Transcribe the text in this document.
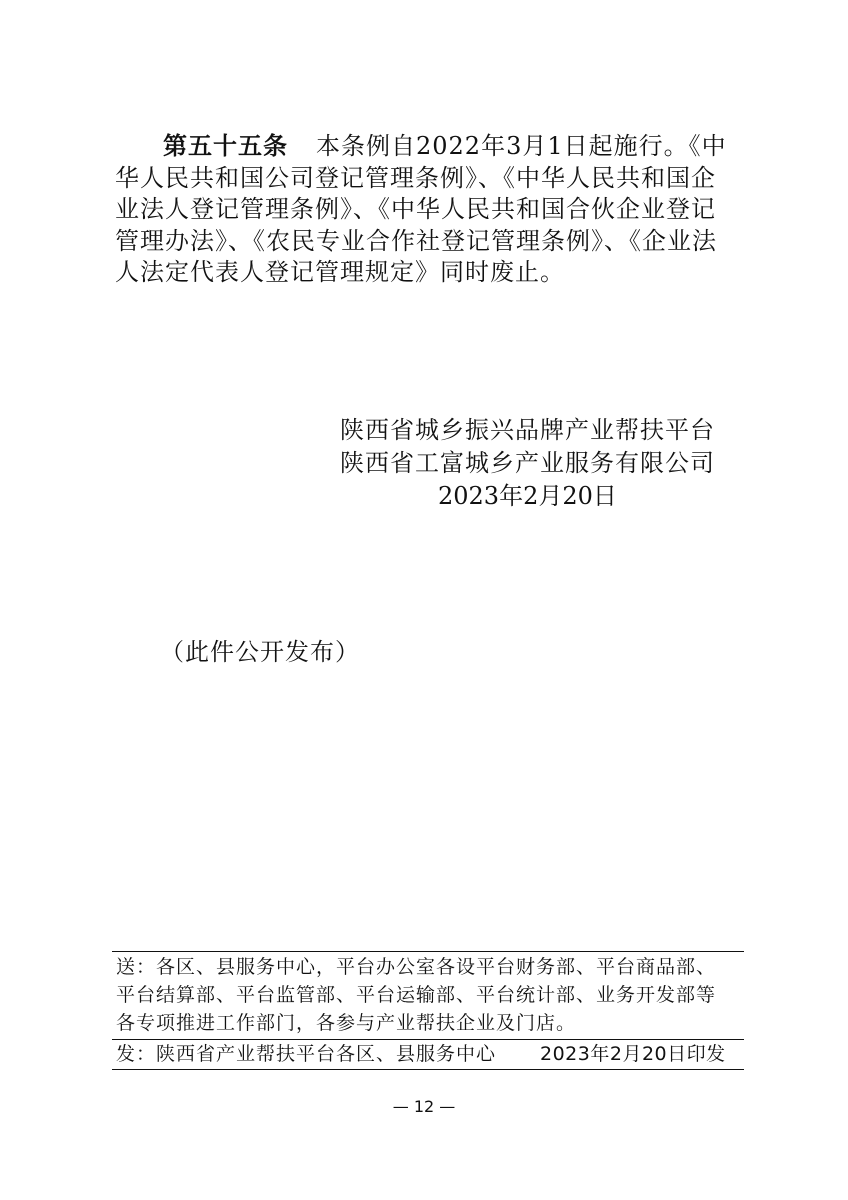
第五十五条 本条例自2022年3月1日起施行。《中华人民共和国公司登记管理条例》、《中华人民共和国企业法人登记管理条例》、《中华人民共和国合伙企业登记管理办法》、《农民专业合作社登记管理条例》、《企业法人法定代表人登记管理规定》同时废止。

陕西省城乡振兴品牌产业帮扶平台
陕西省工富城乡产业服务有限公司
2023年2月20日
（此件公开发布）

送：各区、县服务中心，平台办公室各设平台财务部、平台商品部、平台结算部、平台监管部、平台运输部、平台统计部、业务开发部等各专项推进工作部门，各参与产业帮扶企业及门店。

发：陕西省产业帮扶平台各区、县服务中心 2023年2月20日印发
— 12 —
